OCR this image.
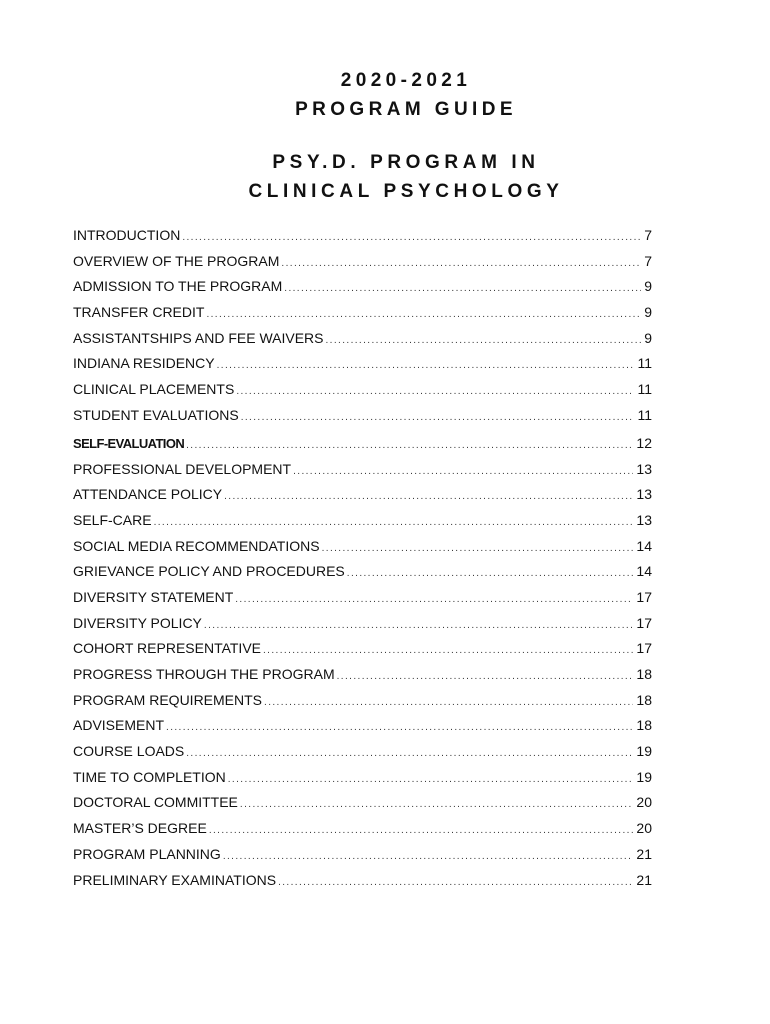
2020-2021
PROGRAM GUIDE
PSY.D. PROGRAM IN
CLINICAL PSYCHOLOGY
INTRODUCTION .....	7
OVERVIEW OF THE PROGRAM .....	7
ADMISSION TO THE PROGRAM .....	9
TRANSFER CREDIT .....	9
ASSISTANTSHIPS AND FEE WAIVERS .....	9
INDIANA RESIDENCY .....	11
CLINICAL PLACEMENTS .....	11
STUDENT EVALUATIONS .....	11
SELF-EVALUATION .....	12
PROFESSIONAL DEVELOPMENT .....	13
ATTENDANCE POLICY .....	13
SELF-CARE .....	13
SOCIAL MEDIA RECOMMENDATIONS .....	14
GRIEVANCE POLICY AND PROCEDURES .....	14
DIVERSITY STATEMENT .....	17
DIVERSITY POLICY .....	17
COHORT REPRESENTATIVE .....	17
PROGRESS THROUGH THE PROGRAM .....	18
PROGRAM REQUIREMENTS .....	18
ADVISEMENT .....	18
COURSE LOADS .....	19
TIME TO COMPLETION .....	19
DOCTORAL COMMITTEE .....	20
MASTER’S DEGREE .....	20
PROGRAM PLANNING .....	21
PRELIMINARY EXAMINATIONS .....	21
